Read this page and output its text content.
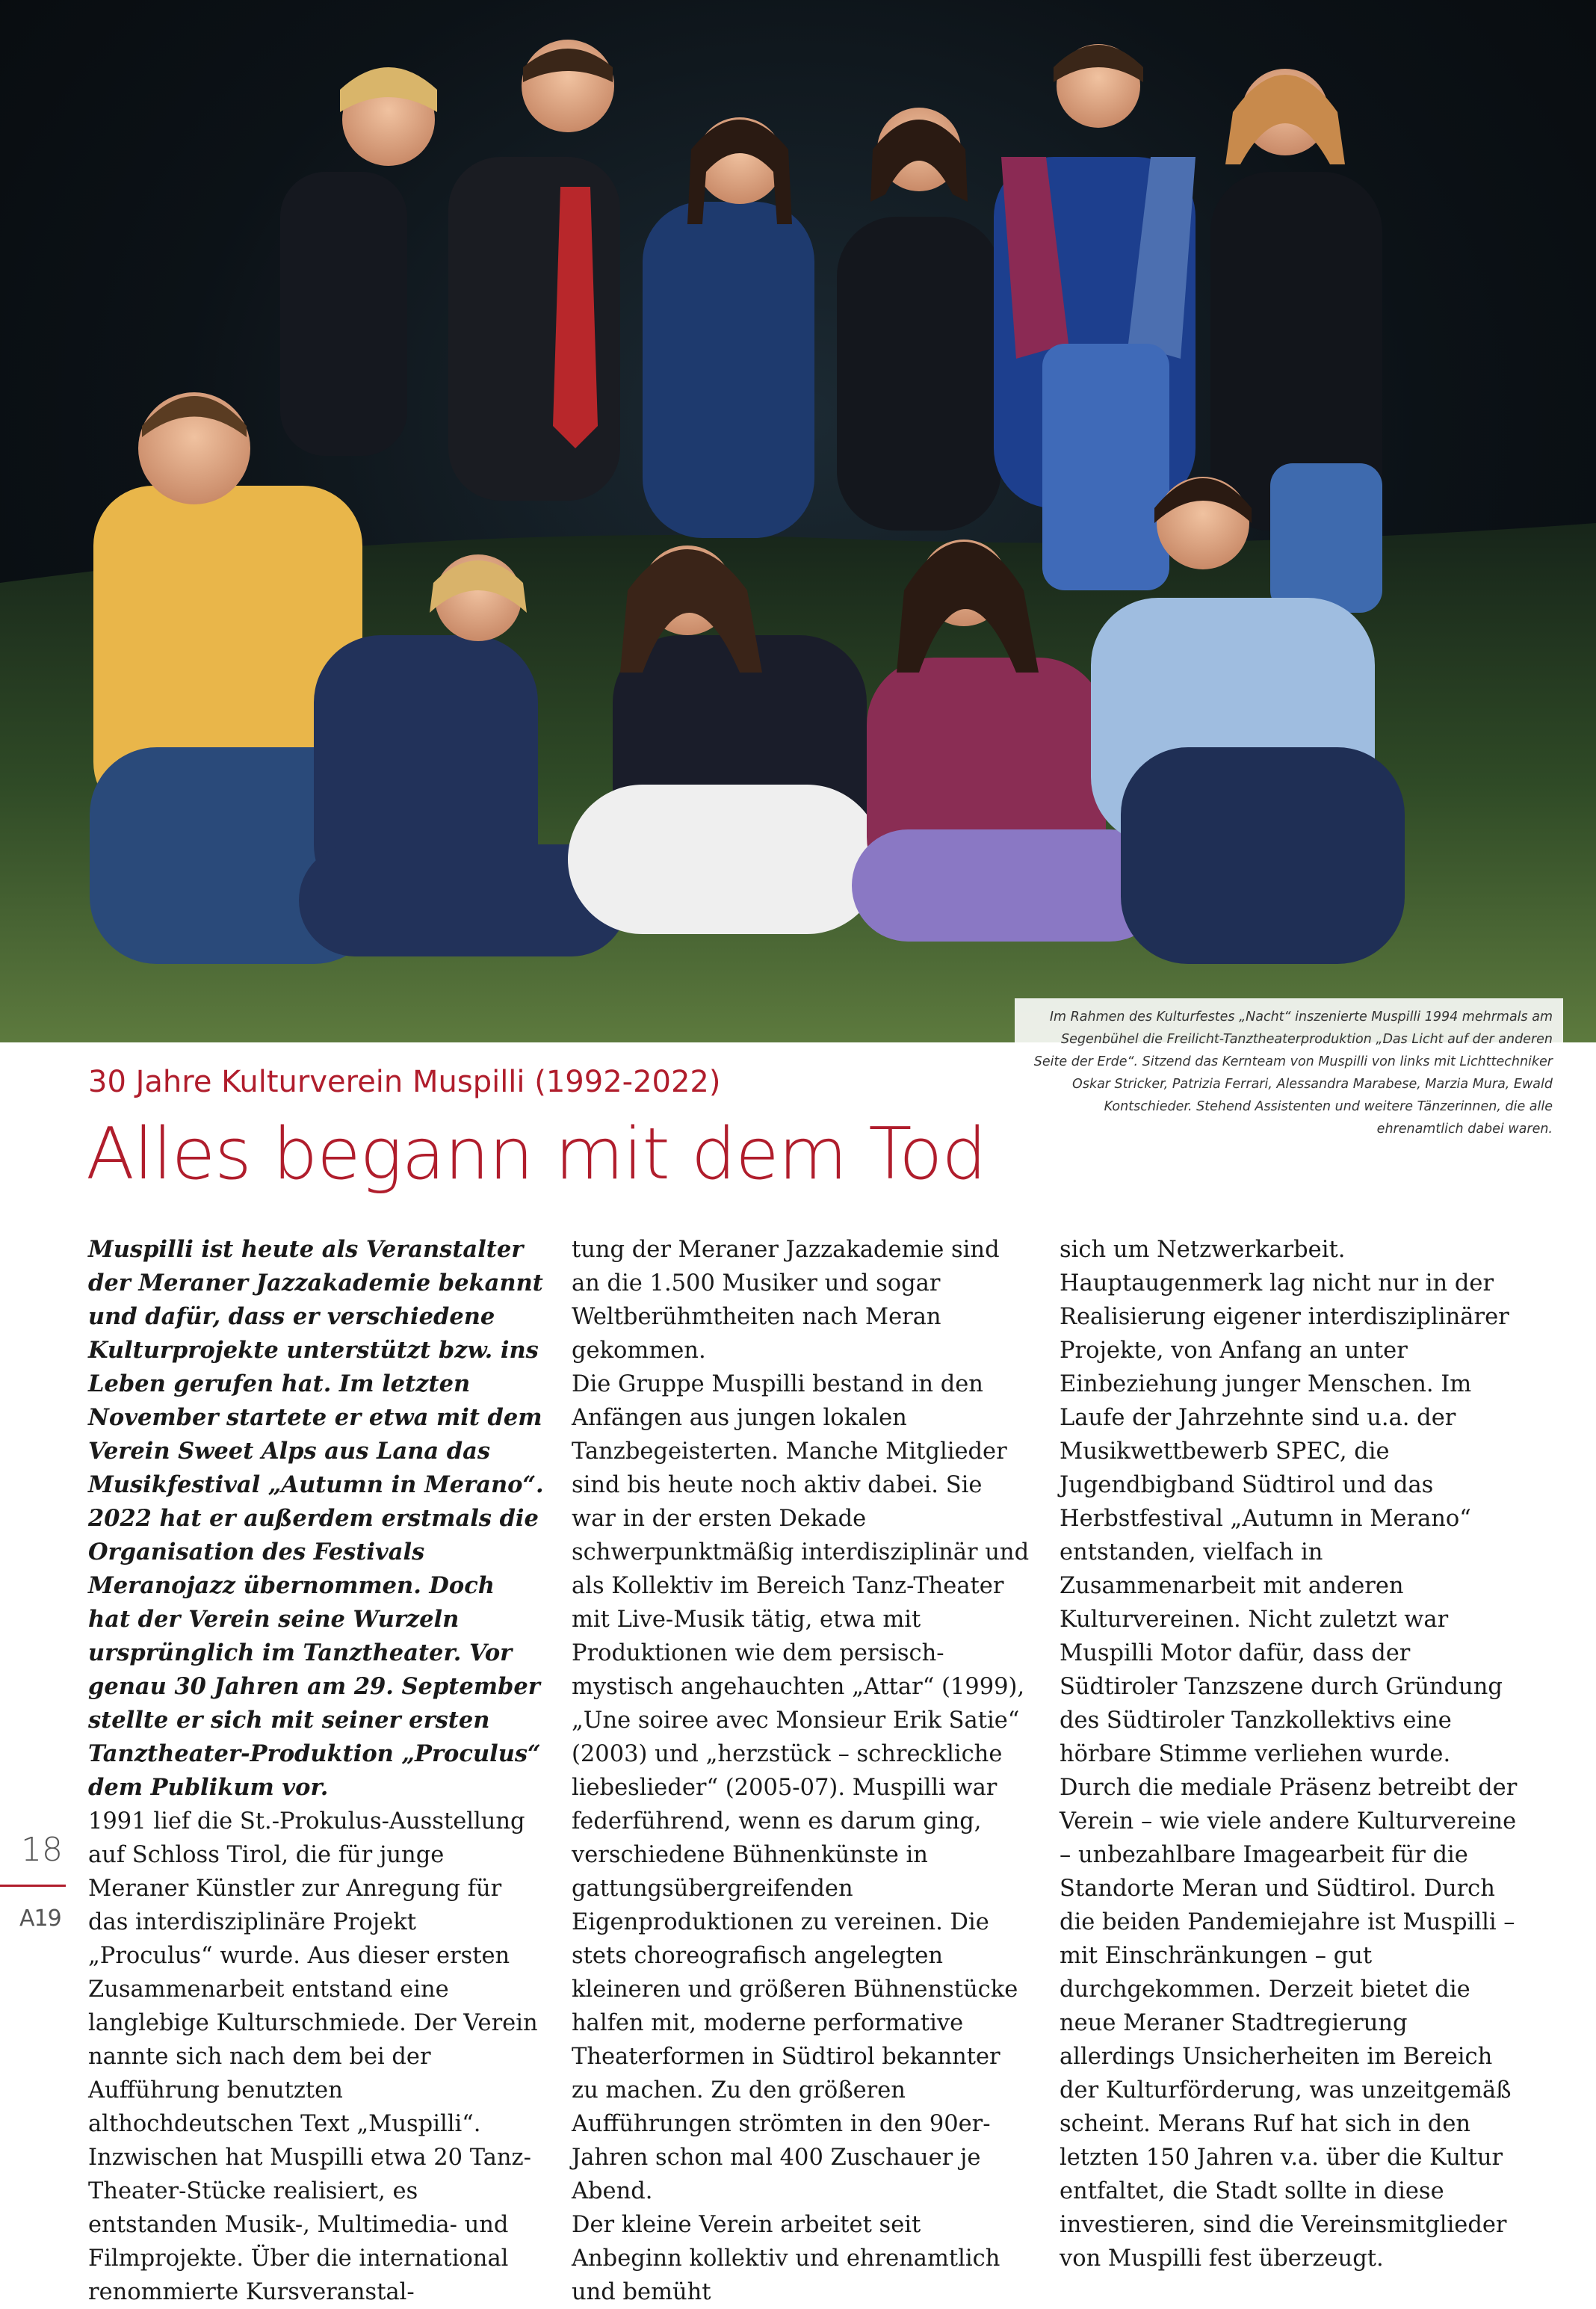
Im Rahmen des Kulturfestes „Nacht“ inszenierte Muspilli 1994 mehrmals am Segenbühel die Freilicht-Tanztheaterproduktion „Das Licht auf der anderen Seite der Erde“. Sitzend das Kernteam von Muspilli von links mit Lichttechniker Oskar Stricker, Patrizia Ferrari, Alessandra Marabese, Marzia Mura, Ewald Kontschieder. Stehend Assistenten und weitere Tänzerinnen, die alle ehrenamtlich dabei waren.
30 Jahre Kulturverein Muspilli (1992-2022)
Alles begann mit dem Tod

Muspilli ist heute als Veranstalter der Meraner Jazzakademie bekannt und dafür, dass er verschiedene Kulturprojekte unterstützt bzw. ins Leben gerufen hat. Im letzten November startete er etwa mit dem Verein Sweet Alps aus Lana das Musikfestival „Autumn in Merano“. 2022 hat er außerdem erstmals die Organisation des Festivals Meranojazz übernommen. Doch hat der Verein seine Wurzeln ursprünglich im Tanztheater. Vor genau 30 Jahren am 29. September stellte er sich mit seiner ersten Tanztheater-Produktion „Proculus“ dem Publikum vor.

1991 lief die St.-Prokulus-Ausstellung auf Schloss Tirol, die für junge Meraner Künstler zur Anregung für das interdisziplinäre Projekt „Proculus“ wurde. Aus dieser ersten Zusammenarbeit entstand eine langlebige Kulturschmiede. Der Verein nannte sich nach dem bei der Aufführung benutzten althochdeutschen Text „Muspilli“. Inzwischen hat Muspilli etwa 20 Tanz-Theater-Stücke realisiert, es entstanden Musik-, Multimedia- und Filmprojekte. Über die international renommierte Kursveranstal-

tung der Meraner Jazzakademie sind an die 1.500 Musiker und sogar Weltberühmtheiten nach Meran gekommen.

Die Gruppe Muspilli bestand in den Anfängen aus jungen lokalen Tanzbegeisterten. Manche Mitglieder sind bis heute noch aktiv dabei. Sie war in der ersten Dekade schwerpunktmäßig interdisziplinär und als Kollektiv im Bereich Tanz-Theater mit Live-Musik tätig, etwa mit Produktionen wie dem persisch-mystisch angehauchten „Attar“ (1999), „Une soiree avec Monsieur Erik Satie“ (2003) und „herzstück – schreckliche liebeslieder“ (2005-07). Muspilli war federführend, wenn es darum ging, verschiedene Bühnenkünste in gattungsübergreifenden Eigenproduktionen zu vereinen. Die stets choreografisch angelegten kleineren und größeren Bühnenstücke halfen mit, moderne performative Theaterformen in Südtirol bekannter zu machen. Zu den größeren Aufführungen strömten in den 90er-Jahren schon mal 400 Zuschauer je Abend.

Der kleine Verein arbeitet seit Anbeginn kollektiv und ehrenamtlich und bemüht

sich um Netzwerkarbeit. Hauptaugenmerk lag nicht nur in der Realisierung eigener interdisziplinärer Projekte, von Anfang an unter Einbeziehung junger Menschen. Im Laufe der Jahrzehnte sind u.a. der Musikwettbewerb SPEC, die Jugendbigband Südtirol und das Herbstfestival „Autumn in Merano“ entstanden, vielfach in Zusammenarbeit mit anderen Kulturvereinen. Nicht zuletzt war Muspilli Motor dafür, dass der Südtiroler Tanzszene durch Gründung des Südtiroler Tanzkollektivs eine hörbare Stimme verliehen wurde.

Durch die mediale Präsenz betreibt der Verein – wie viele andere Kulturvereine – unbezahlbare Imagearbeit für die Standorte Meran und Südtirol. Durch die beiden Pandemiejahre ist Muspilli – mit Einschränkungen – gut durchgekommen. Derzeit bietet die neue Meraner Stadtregierung allerdings Unsicherheiten im Bereich der Kulturförderung, was unzeitgemäß scheint. Merans Ruf hat sich in den letzten 150 Jahren v.a. über die Kultur entfaltet, die Stadt sollte in diese investieren, sind die Vereinsmitglieder von Muspilli fest überzeugt.

18
A19
